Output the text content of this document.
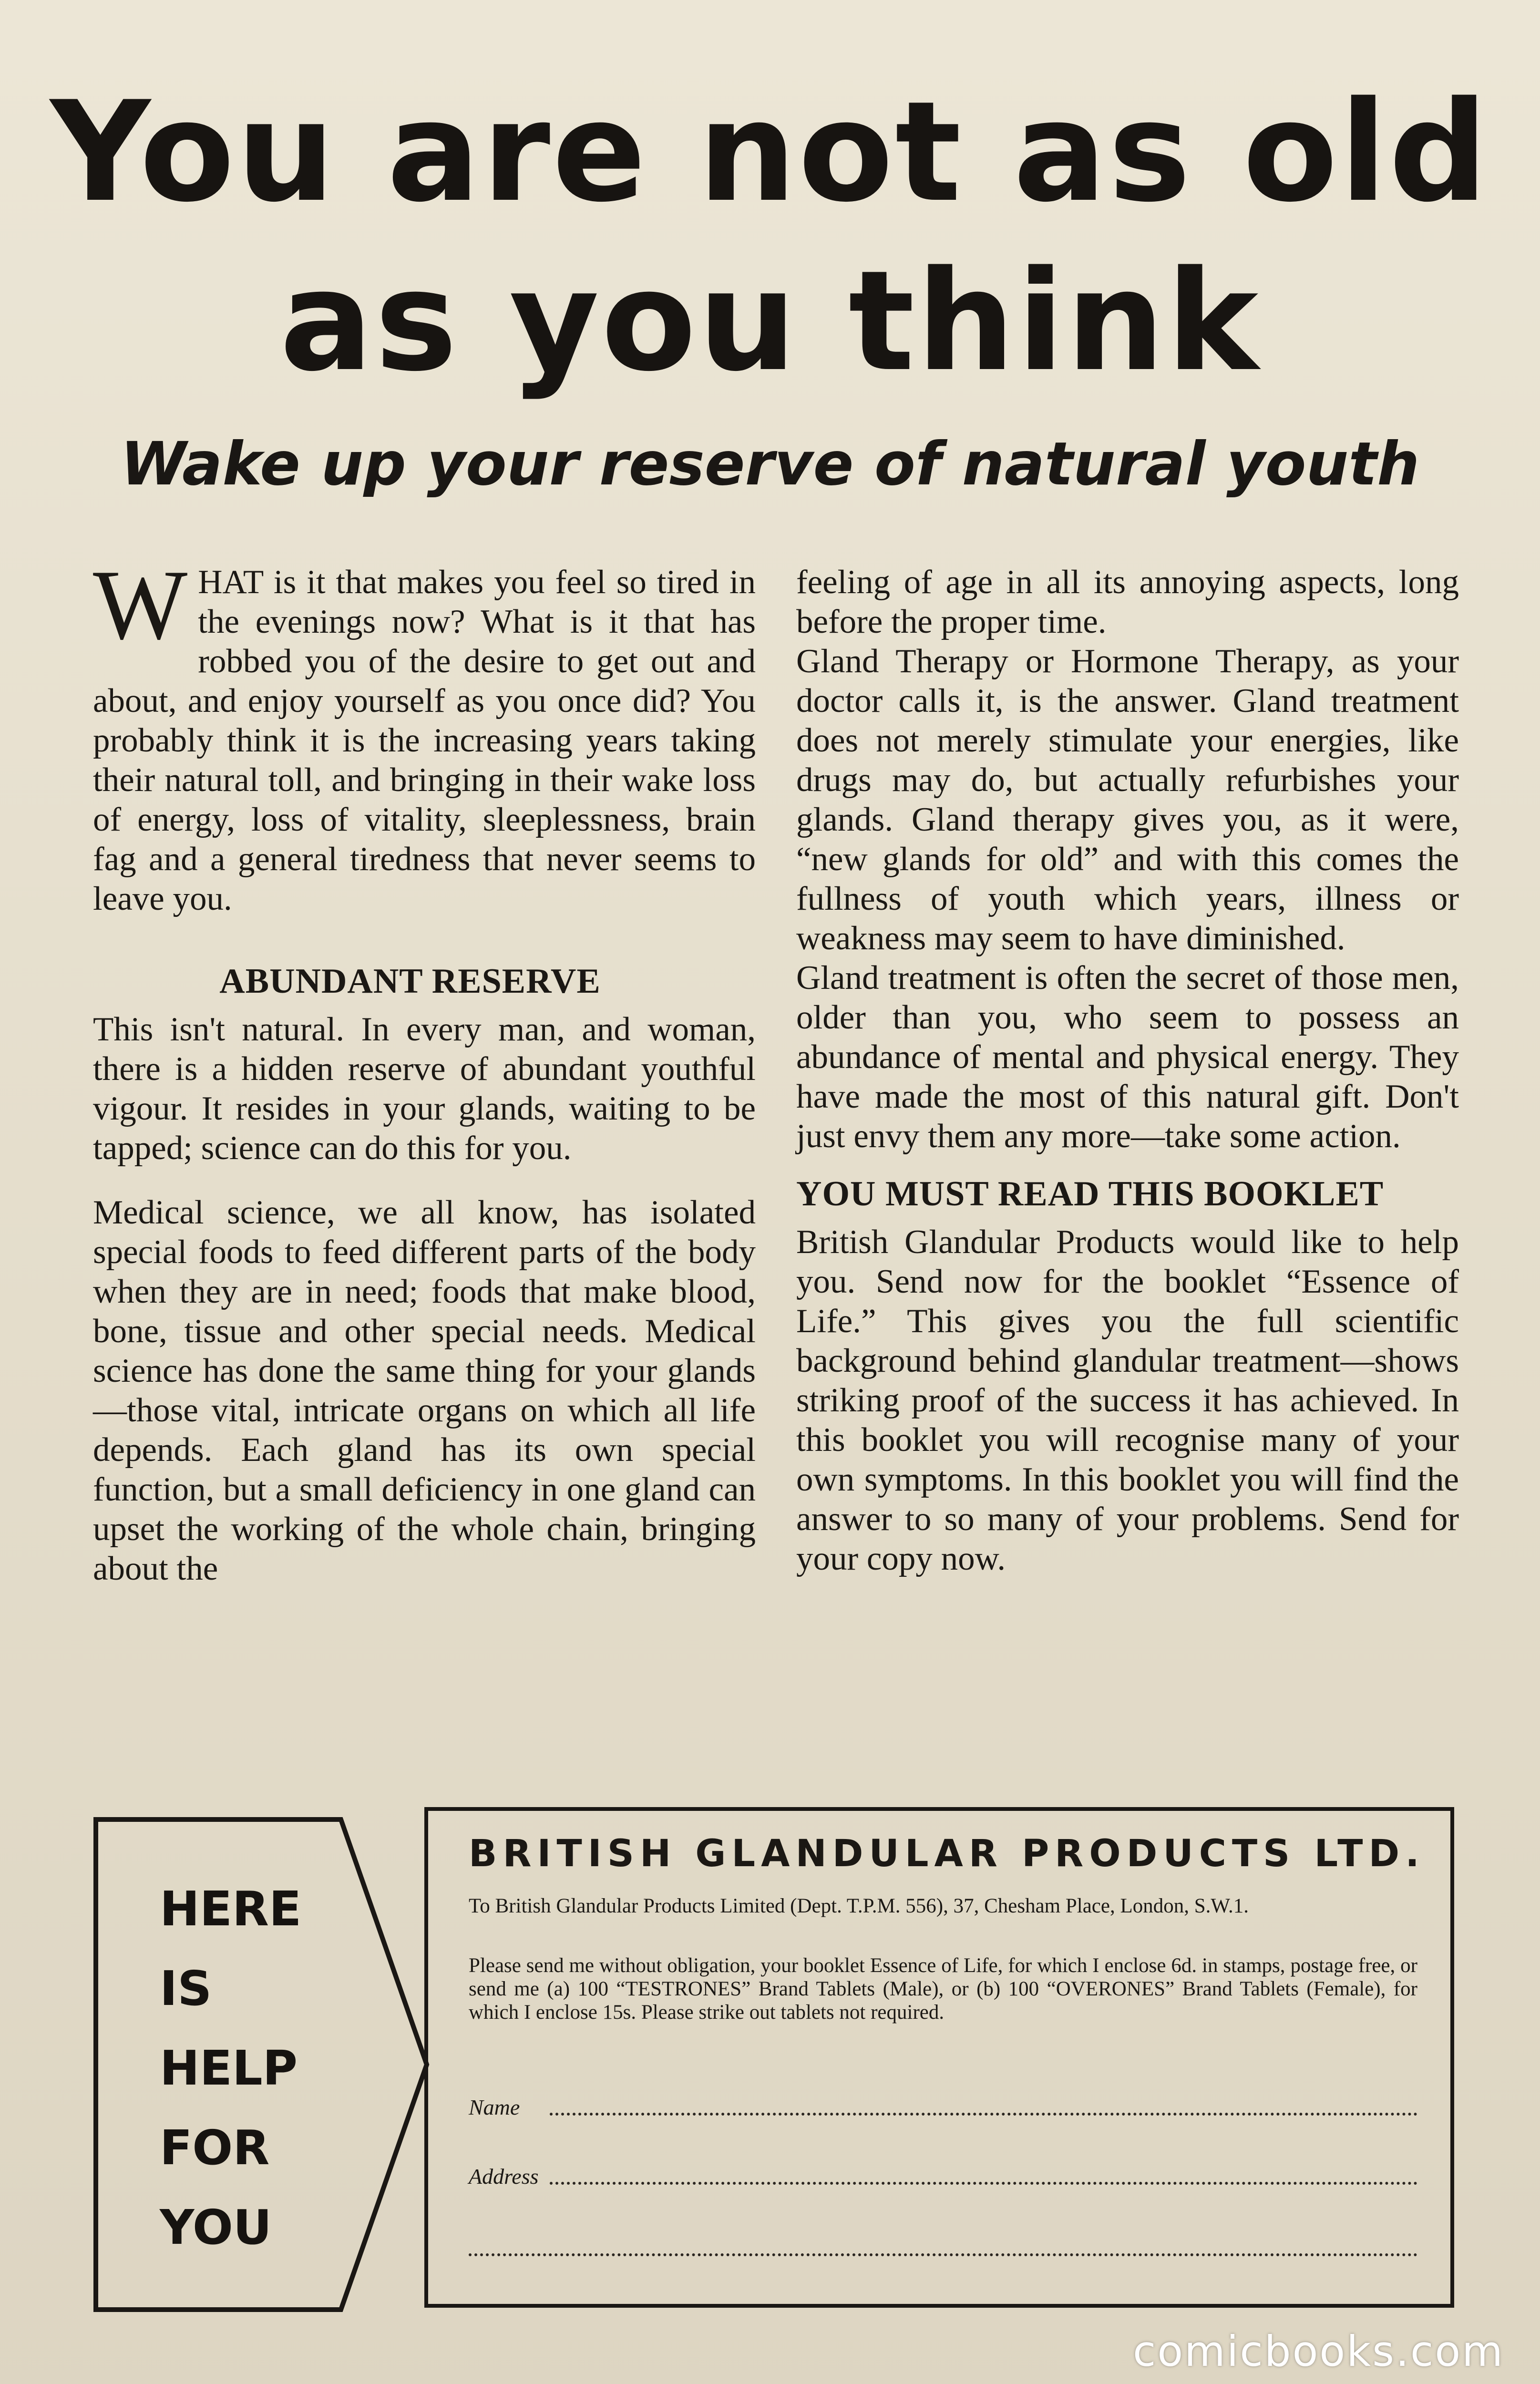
You are not as old
as you think
Wake up your reserve of natural youth

WHAT is it that makes you feel so tired in the evenings now? What is it that has robbed you of the desire to get out and about, and enjoy yourself as you once did? You probably think it is the increasing years taking their natural toll, and bringing in their wake loss of energy, loss of vitality, sleeplessness, brain fag and a general tiredness that never seems to leave you.

ABUNDANT RESERVE

This isn't natural. In every man, and woman, there is a hidden reserve of abundant youthful vigour. It resides in your glands, waiting to be tapped; science can do this for you.

Medical science, we all know, has isolated special foods to feed different parts of the body when they are in need; foods that make blood, bone, tissue and other special needs. Medical science has done the same thing for your glands —those vital, intricate organs on which all life depends. Each gland has its own special function, but a small deficiency in one gland can upset the working of the whole chain, bringing about the

feeling of age in all its annoying aspects, long before the proper time.

Gland Therapy or Hormone Therapy, as your doctor calls it, is the answer. Gland treatment does not merely stimulate your energies, like drugs may do, but actually refurbishes your glands. Gland therapy gives you, as it were, “new glands for old” and with this comes the fullness of youth which years, illness or weakness may seem to have diminished.

Gland treatment is often the secret of those men, older than you, who seem to possess an abundance of mental and physical energy. They have made the most of this natural gift. Don't just envy them any more—take some action.

YOU MUST READ THIS BOOKLET

British Glandular Products would like to help you. Send now for the booklet “Essence of Life.” This gives you the full scientific background behind glandular treatment—shows striking proof of the success it has achieved. In this booklet you will recognise many of your own symptoms. In this booklet you will find the answer to so many of your problems. Send for your copy now.

HERE
IS
HELP
FOR
YOU
BRITISH GLANDULAR PRODUCTS LTD.
To British Glandular Products Limited (Dept. T.P.M. 556), 37, Chesham Place, London, S.W.1.
Please send me without obligation, your booklet Essence of Life, for which I enclose 6d. in stamps, postage free, or send me (a) 100 “TESTRONES” Brand Tablets (Male), or (b) 100 “OVERONES” Brand Tablets (Female), for which I enclose 15s. Please strike out tablets not required.
Name
Address
comicbooks.com
